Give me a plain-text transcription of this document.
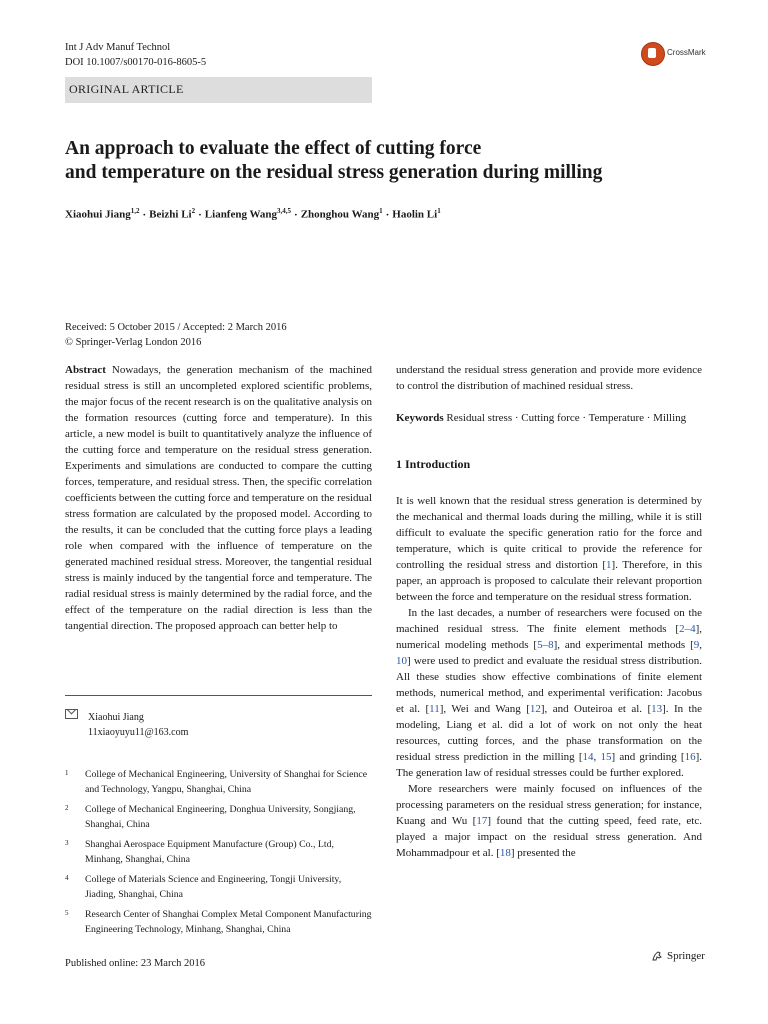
Int J Adv Manuf Technol
DOI 10.1007/s00170-016-8605-5
CrossMark
ORIGINAL ARTICLE
An approach to evaluate the effect of cutting force
and temperature on the residual stress generation during milling
Xiaohui Jiang$^{1,2}$ · Beizhi $Li^2$ · Lianfeng Wang$^{3,4,5}$ · Zhonghou Wang$^1$ · Haolin Li$^1$
Received: 5 October 2015 / Accepted: 2 March 2016
© Springer-Verlag London 2016

Abstract Nowadays, the generation mechanism of the machined residual stress is still an uncompleted explored scientific problems, the major focus of the recent research is on the qualitative analysis on the formation resources (cutting force and temperature). In this article, a new model is built to quantitatively analyze the influence of the cutting force and temperature on the residual stress generation. Experiments and simulations are conducted to compare the cutting forces, temperature, and residual stress. Then, the specific correlation coefficients between the cutting force and temperature on the residual stress formation are calculated by the proposed model. According to the results, it can be concluded that the cutting force plays a leading role when compared with the influence of temperature on the generated machined residual stress. Moreover, the tangential residual stress is mainly induced by the tangential force and temperature. The radial residual stress is mainly determined by the radial force, and the effect of the temperature on the radial direction is less than the tangential direction. The proposed approach can better help to

Xiaohui Jiang
11xiaoyuyu11@163.com
1	College of Mechanical Engineering, University of Shanghai for Science and Technology, Yangpu, Shanghai, China
2	College of Mechanical Engineering, Donghua University, Songjiang, Shanghai, China
3	Shanghai Aerospace Equipment Manufacture (Group) Co., Ltd, Minhang, Shanghai, China
4	College of Materials Science and Engineering, Tongji University, Jiading, Shanghai, China
5	Research Center of Shanghai Complex Metal Component Manufacturing Engineering Technology, Minhang, Shanghai, China

understand the residual stress generation and provide more evidence to control the distribution of machined residual stress.

Keywords Residual stress · Cutting force · Temperature · Milling

1 Introduction

It is well known that the residual stress generation is determined by the mechanical and thermal loads during the milling, while it is still difficult to evaluate the specific generation ratio for the force and temperature, which is quite critical to provide the reference for controlling the residual stress and distortion [1]. Therefore, in this paper, an approach is proposed to calculate their relevant proportion between the force and temperature on the residual stress formation.

In the last decades, a number of researchers were focused on the machined residual stress. The finite element methods [2–4], numerical modeling methods [5–8], and experimental methods [9, 10] were used to predict and evaluate the residual stress distribution. All these studies show effective combinations of finite element methods, numerical method, and experimental verification: Jacobus et al. [11], Wei and Wang [12], and Outeiroa et al. [13]. In the modeling, Liang et al. did a lot of work on not only the heat resources, cutting forces, and the phase transformation on the residual stress prediction in the milling [14, 15] and grinding [16]. The generation law of residual stresses could be further explored.

More researchers were mainly focused on influences of the processing parameters on the residual stress generation; for instance, Kuang and Wu [17] found that the cutting speed, feed rate, etc. played a major impact on the residual stress generation. And Mohammadpour et al. [18] presented the

Published online: 23 March 2016
Springer
